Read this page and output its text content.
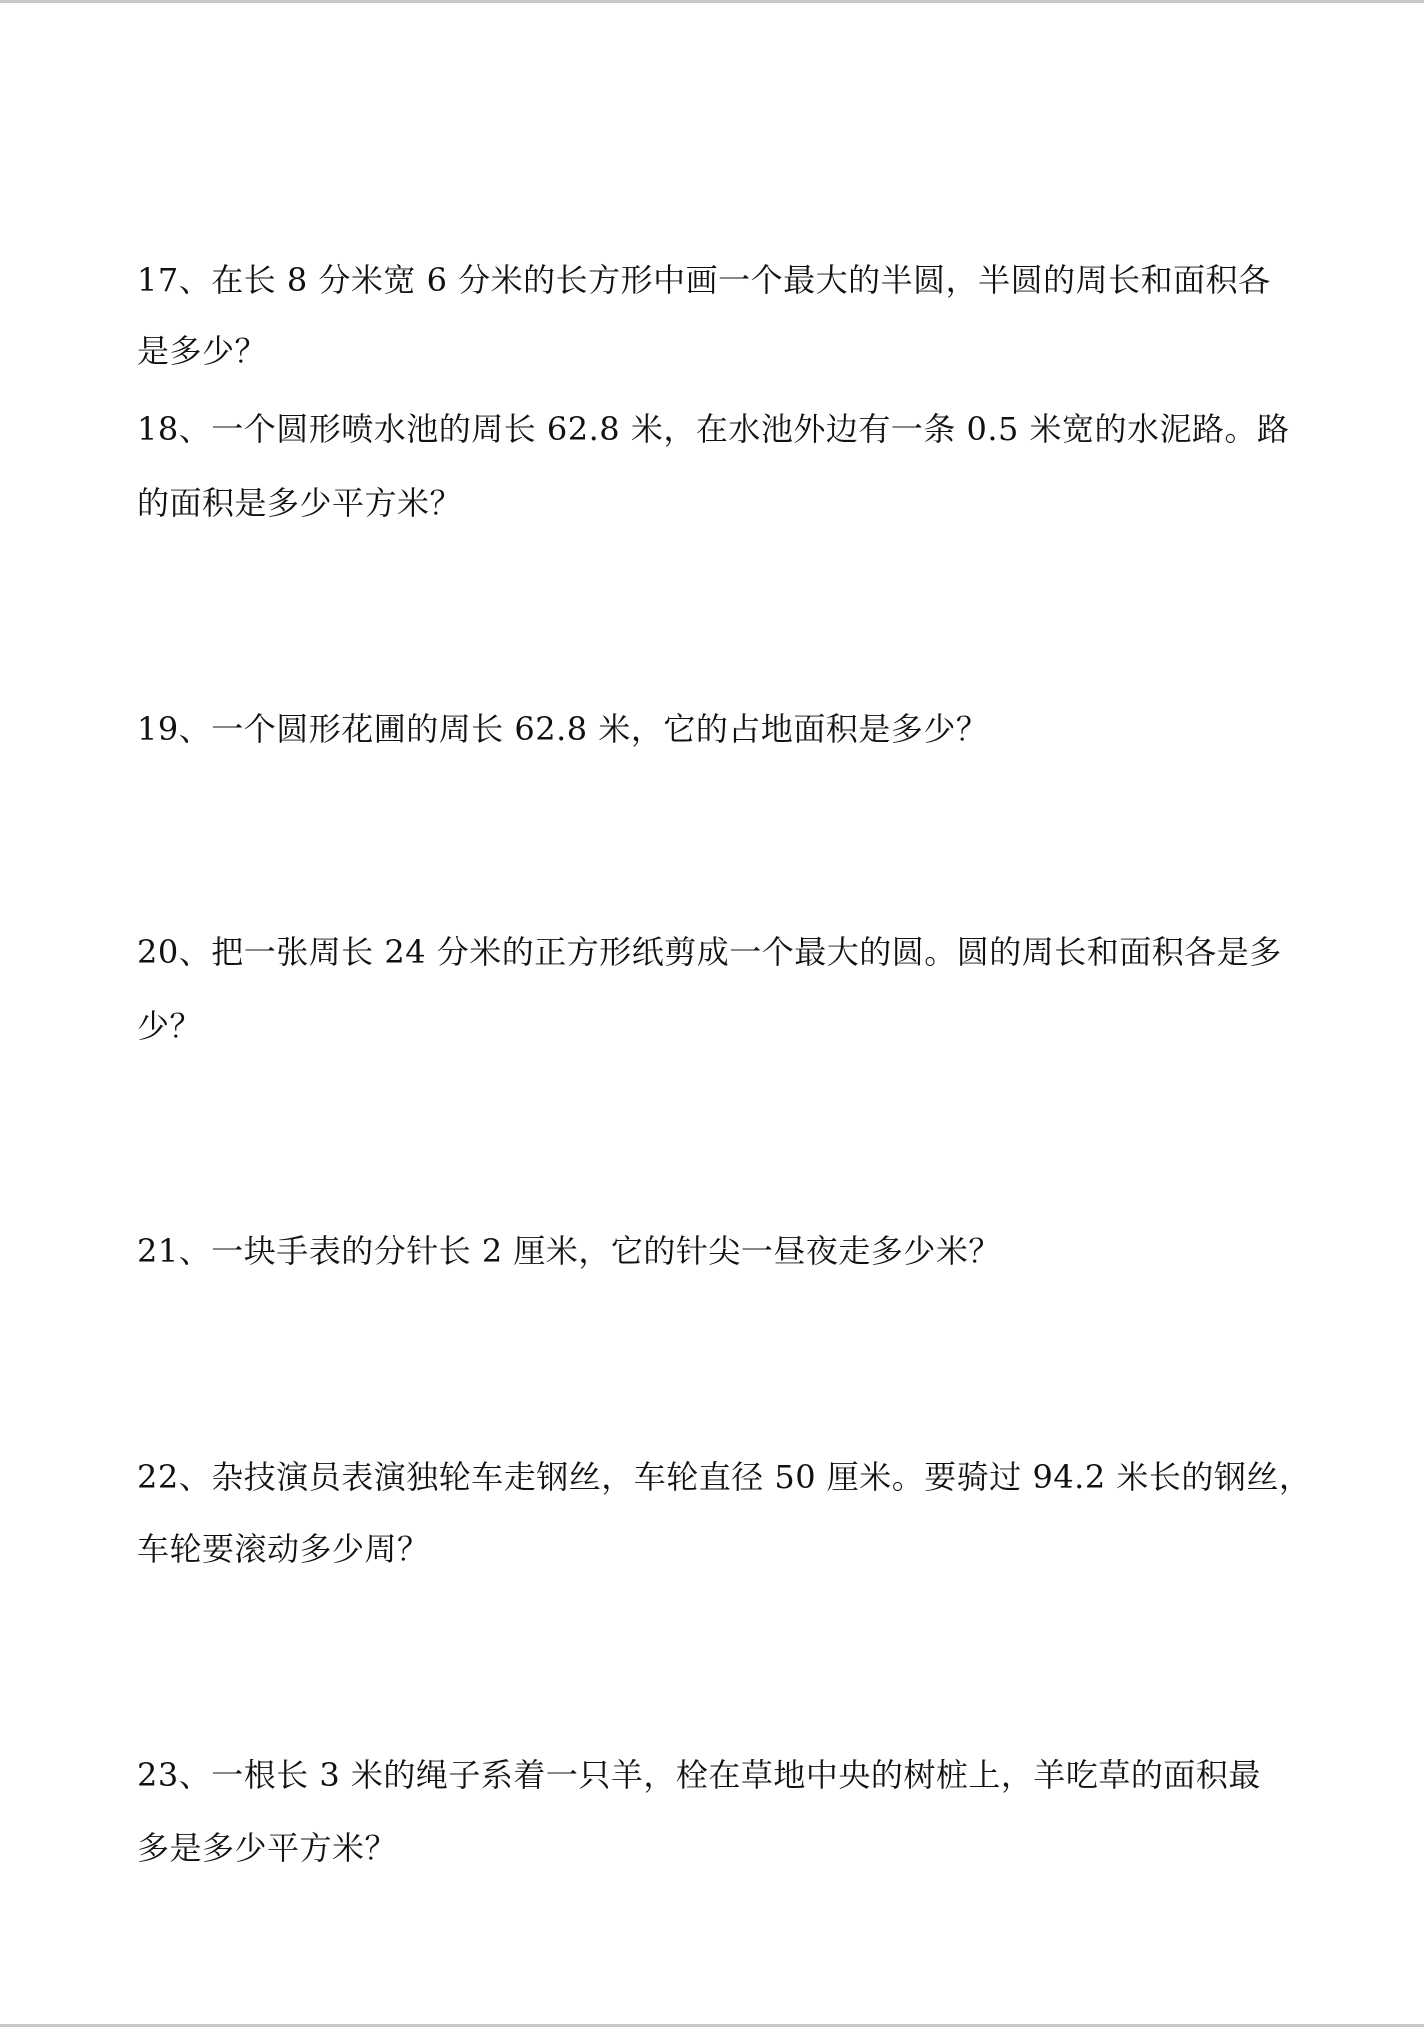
17、在长 8 分米宽 6 分米的长方形中画一个最大的半圆，半圆的周长和面积各
是多少？
18、一个圆形喷水池的周长 62.8 米，在水池外边有一条 0.5 米宽的水泥路。路
的面积是多少平方米？
19、一个圆形花圃的周长 62.8 米，它的占地面积是多少？
20、把一张周长 24 分米的正方形纸剪成一个最大的圆。圆的周长和面积各是多
少？
21、一块手表的分针长 2 厘米，它的针尖一昼夜走多少米？
22、杂技演员表演独轮车走钢丝，车轮直径 50 厘米。要骑过 94.2 米长的钢丝，
车轮要滚动多少周？
23、一根长 3 米的绳子系着一只羊，栓在草地中央的树桩上，羊吃草的面积最
多是多少平方米？
